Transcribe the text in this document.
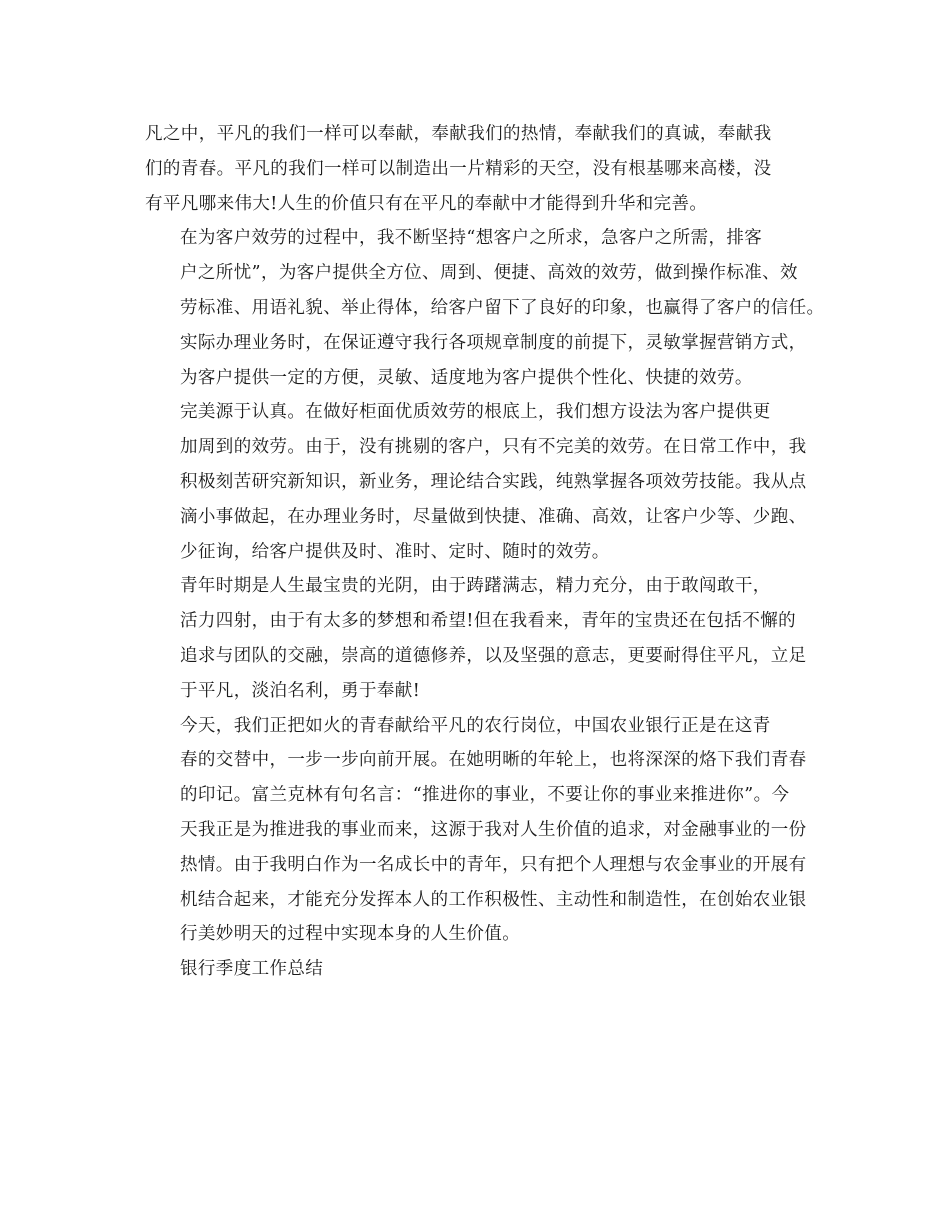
凡之中，平凡的我们一样可以奉献，奉献我们的热情，奉献我们的真诚，奉献我
们的青春。平凡的我们一样可以制造出一片精彩的天空，没有根基哪来高楼，没
有平凡哪来伟大!人生的价值只有在平凡的奉献中才能得到升华和完善。

在为客户效劳的过程中，我不断坚持“想客户之所求，急客户之所需，排客
户之所忧”，为客户提供全方位、周到、便捷、高效的效劳，做到操作标准、效
劳标准、用语礼貌、举止得体，给客户留下了良好的印象，也赢得了客户的信任。
实际办理业务时，在保证遵守我行各项规章制度的前提下，灵敏掌握营销方式，
为客户提供一定的方便，灵敏、适度地为客户提供个性化、快捷的效劳。

完美源于认真。在做好柜面优质效劳的根底上，我们想方设法为客户提供更
加周到的效劳。由于，没有挑剔的客户，只有不完美的效劳。在日常工作中，我
积极刻苦研究新知识，新业务，理论结合实践，纯熟掌握各项效劳技能。我从点
滴小事做起，在办理业务时，尽量做到快捷、准确、高效，让客户少等、少跑、
少征询，给客户提供及时、准时、定时、随时的效劳。

青年时期是人生最宝贵的光阴，由于踌躇满志，精力充分，由于敢闯敢干，
活力四射，由于有太多的梦想和希望!但在我看来，青年的宝贵还在包括不懈的
追求与团队的交融，崇高的道德修养，以及坚强的意志，更要耐得住平凡，立足
于平凡，淡泊名利，勇于奉献!

今天，我们正把如火的青春献给平凡的农行岗位，中国农业银行正是在这青
春的交替中，一步一步向前开展。在她明晰的年轮上，也将深深的烙下我们青春
的印记。富兰克林有句名言：“推进你的事业，不要让你的事业来推进你”。今
天我正是为推进我的事业而来，这源于我对人生价值的追求，对金融事业的一份
热情。由于我明白作为一名成长中的青年，只有把个人理想与农金事业的开展有
机结合起来，才能充分发挥本人的工作积极性、主动性和制造性，在创始农业银
行美妙明天的过程中实现本身的人生价值。

银行季度工作总结
